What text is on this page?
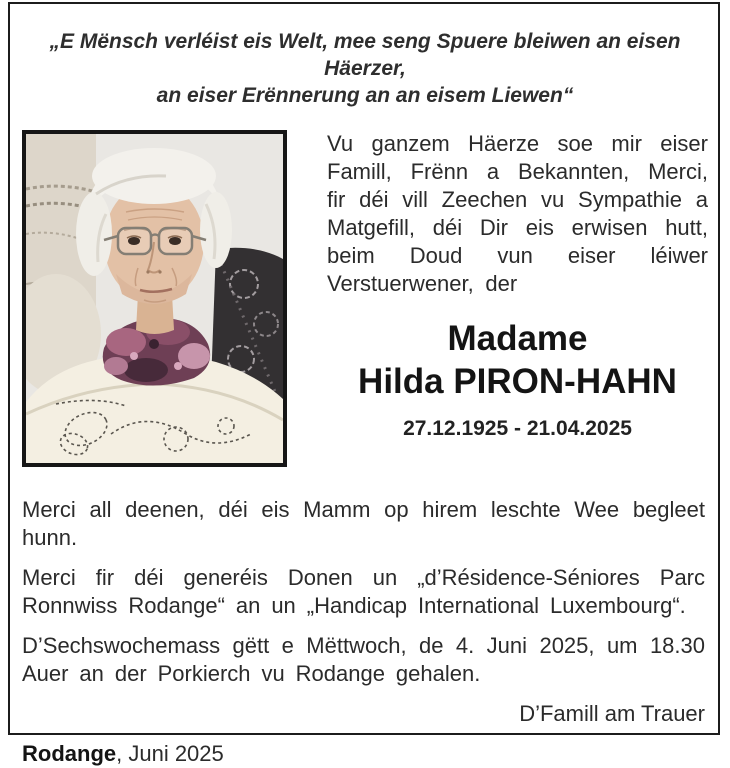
„E Mënsch verléist eis Welt, mee seng Spuere bleiwen an eisen Häerzer,
an eiser Erënnerung an an eisem Liewen“

Vu ganzem Häerze soe mir eiser Famill, Frënn a Bekannten, Merci, fir déi vill Zeechen vu Sympathie a Matgefill, déi Dir eis erwisen hutt, beim Doud vun eiser léiwer Verstuerwener, der

Madame
Hilda PIRON-HAHN
27.12.1925 - 21.04.2025

Merci all deenen, déi eis Mamm op hirem leschte Wee begleet hunn.

Merci fir déi generéis Donen un „d’Résidence-Séniores Parc Ronnwiss Rodange“ an un „Handicap International Luxembourg“.

D’Sechswochemass gëtt e Mëttwoch, de 4. Juni 2025, um 18.30 Auer an der Porkierch vu Rodange gehalen.

D’Famill am Trauer

Rodange, Juni 2025
